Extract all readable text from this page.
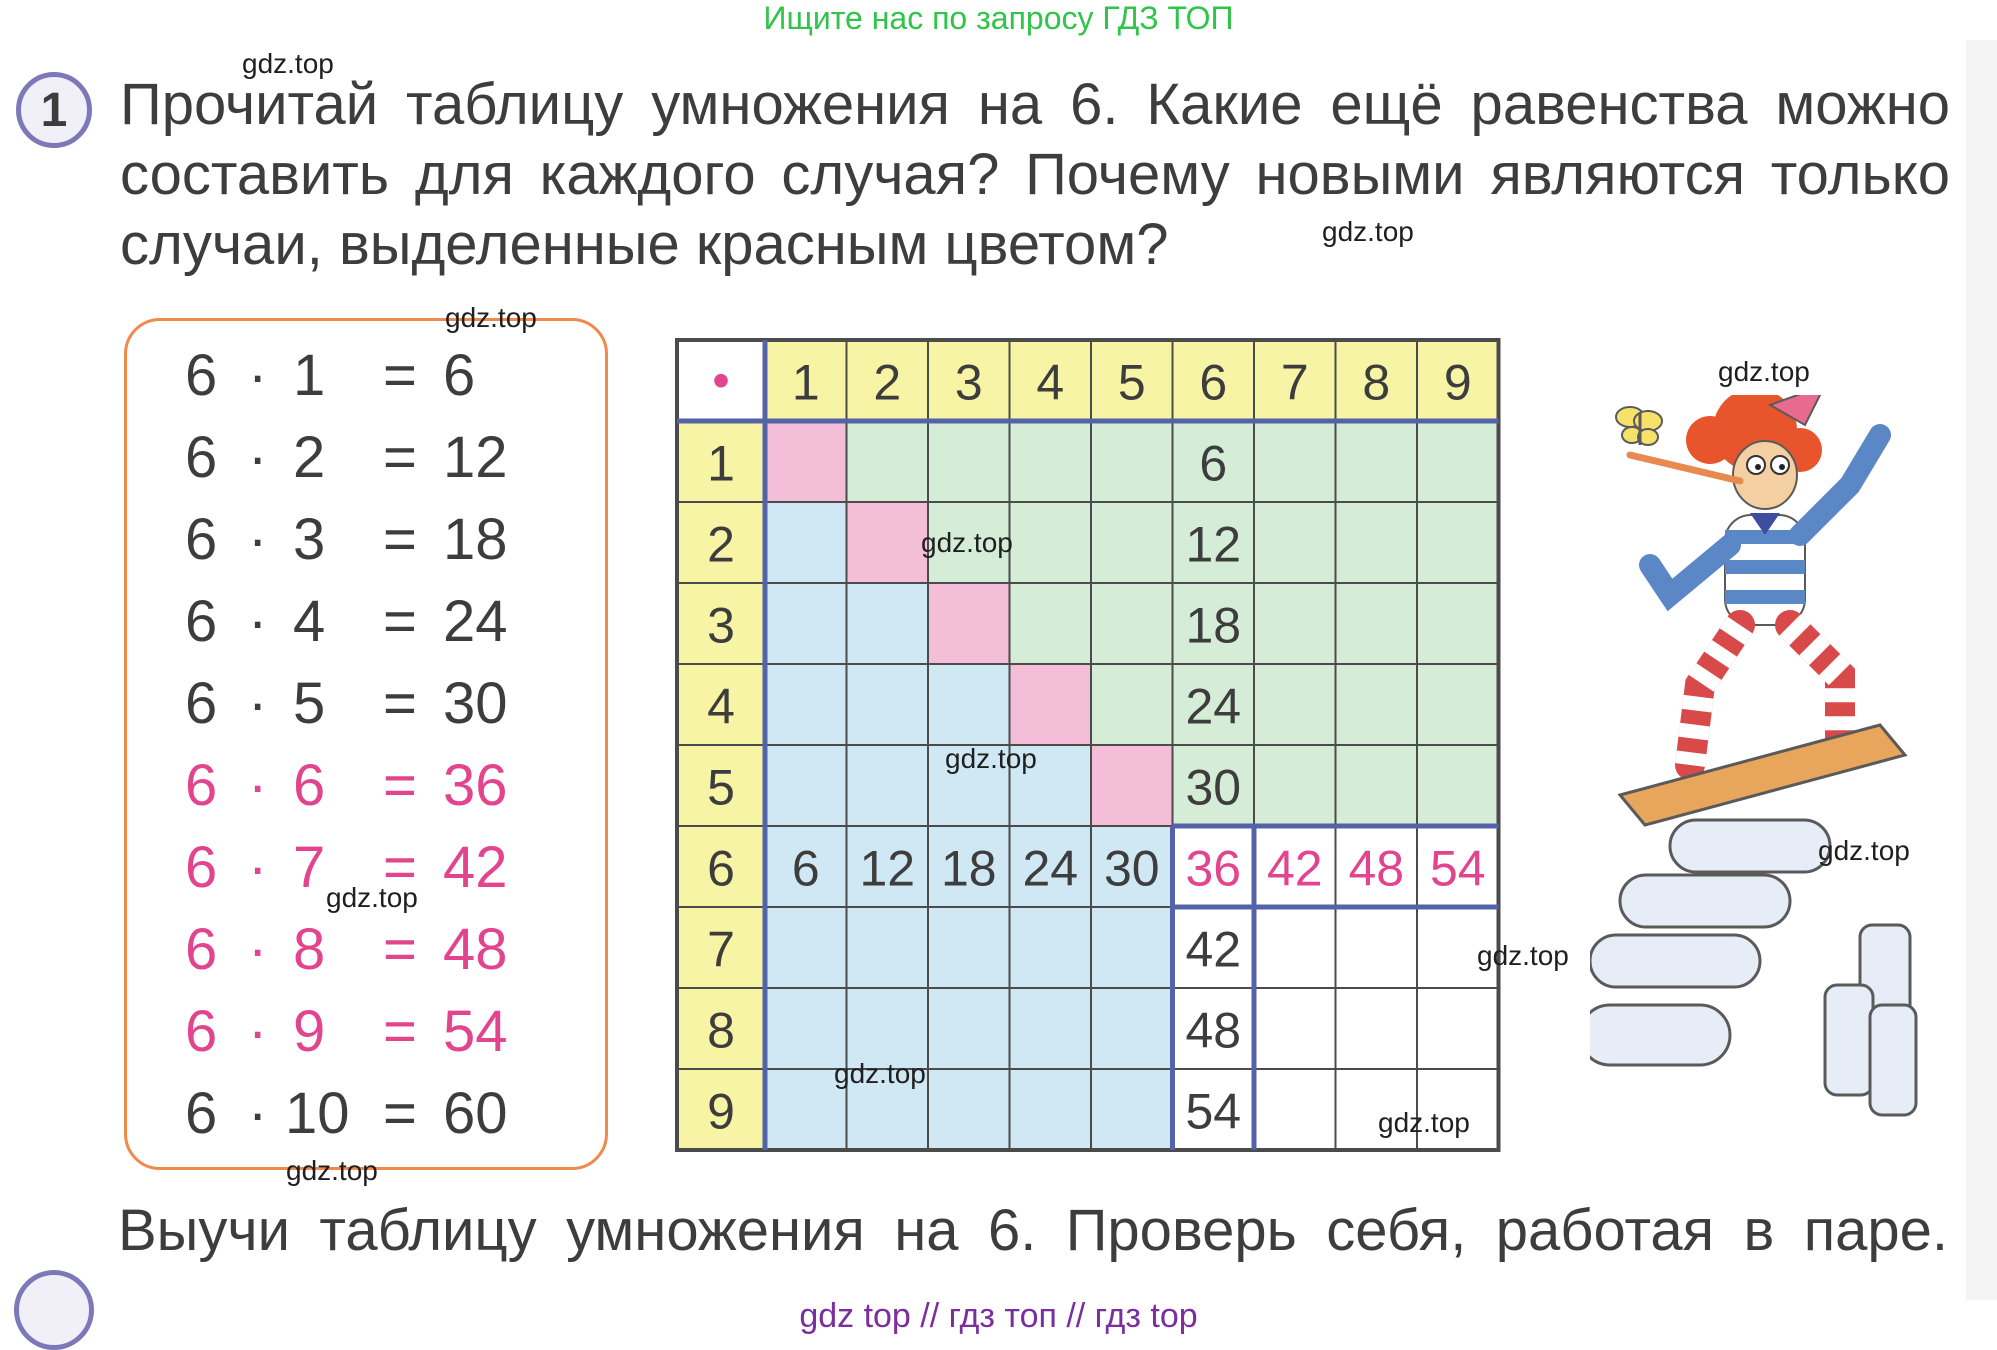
Ищите нас по запросу ГДЗ ТОП
1 Прочитай таблицу умножения на 6. Какие ещё равенства можно
составить для каждого случая? Почему новыми являются только
случаи, выделенные красным цветом?
6 · 1 = 6
6 · 2 = 12
6 · 3 = 18
6 · 4 = 24
6 · 5 = 30
6 · 6 = 36
6 · 7 = 42
6 · 8 = 48
6 · 9 = 54
6 · 10 = 60
• 1 2 3 4 5 6 7 8 9
1
2
3
4
5
6
7
8
9
6
12
18
24
30
36
42
48
54
6 12 18 24 30 42 48 54
Выучи таблицу умножения на 6. Проверь себя, работая в паре.
gdz top // гдз топ // гдз top
gdz.top
gdz.top
gdz.top
gdz.top
gdz.top
gdz.top
gdz.top
gdz.top
gdz.top
gdz.top
gdz.top
gdz.top
